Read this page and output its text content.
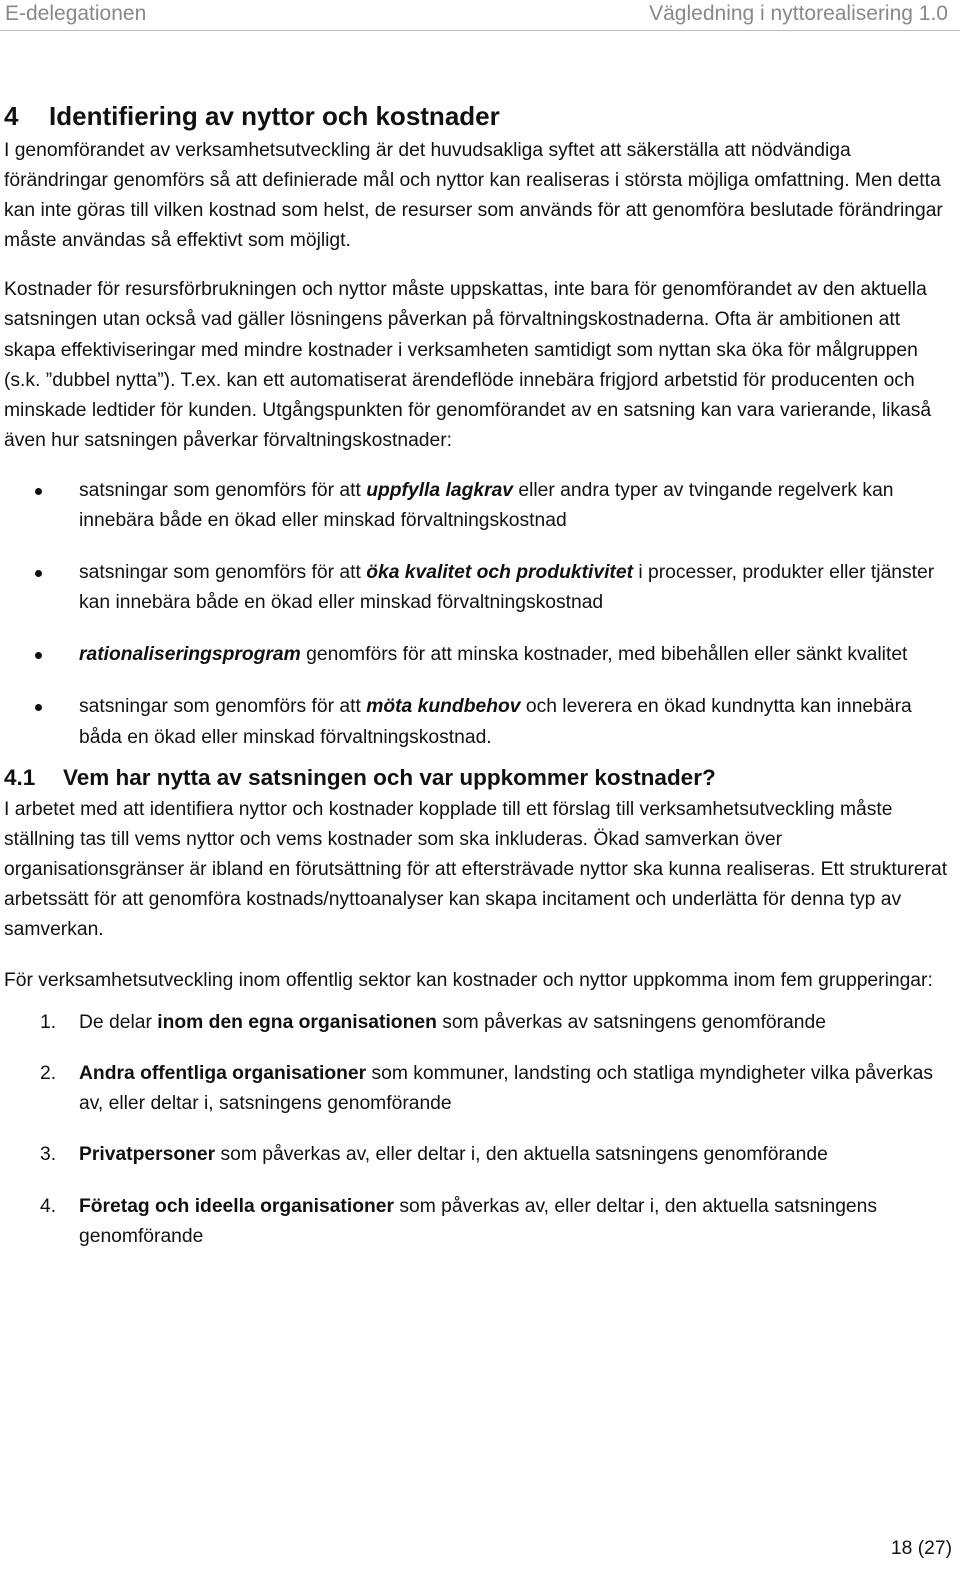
E-delegationen	Vägledning i nyttorealisering 1.0
4	Identifiering av nyttor och kostnader

I genomförandet av verksamhetsutveckling är det huvudsakliga syftet att säkerställa att nödvändiga förändringar genomförs så att definierade mål och nyttor kan realiseras i största möjliga omfattning. Men detta kan inte göras till vilken kostnad som helst, de resurser som används för att genomföra beslutade förändringar måste användas så effektivt som möjligt.

Kostnader för resursförbrukningen och nyttor måste uppskattas, inte bara för genomförandet av den aktuella satsningen utan också vad gäller lösningens påverkan på förvaltningskostnaderna. Ofta är ambitionen att skapa effektiviseringar med mindre kostnader i verksamheten samtidigt som nyttan ska öka för målgruppen (s.k. ”dubbel nytta”). T.ex. kan ett automatiserat ärendeflöde innebära frigjord arbetstid för producenten och minskade ledtider för kunden. Utgångspunkten för genomförandet av en satsning kan vara varierande, likaså även hur satsningen påverkar förvaltningskostnader:

satsningar som genomförs för att uppfylla lagkrav eller andra typer av tvingande regelverk kan innebära både en ökad eller minskad förvaltningskostnad
satsningar som genomförs för att öka kvalitet och produktivitet i processer, produkter eller tjänster kan innebära både en ökad eller minskad förvaltningskostnad
rationaliseringsprogram genomförs för att minska kostnader, med bibehållen eller sänkt kvalitet
satsningar som genomförs för att möta kundbehov och leverera en ökad kundnytta kan innebära båda en ökad eller minskad förvaltningskostnad.
4.1	Vem har nytta av satsningen och var uppkommer kostnader?

I arbetet med att identifiera nyttor och kostnader kopplade till ett förslag till verksamhetsutveckling måste ställning tas till vems nyttor och vems kostnader som ska inkluderas. Ökad samverkan över organisationsgränser är ibland en förutsättning för att eftersträvade nyttor ska kunna realiseras. Ett strukturerat arbetssätt för att genomföra kostnads/nyttoanalyser kan skapa incitament och underlätta för denna typ av samverkan.

För verksamhetsutveckling inom offentlig sektor kan kostnader och nyttor uppkomma inom fem grupperingar:

1. De delar inom den egna organisationen som påverkas av satsningens genomförande
2. Andra offentliga organisationer som kommuner, landsting och statliga myndigheter vilka påverkas av, eller deltar i, satsningens genomförande
3. Privatpersoner som påverkas av, eller deltar i, den aktuella satsningens genomförande
4. Företag och ideella organisationer som påverkas av, eller deltar i, den aktuella satsningens genomförande
18 (27)
